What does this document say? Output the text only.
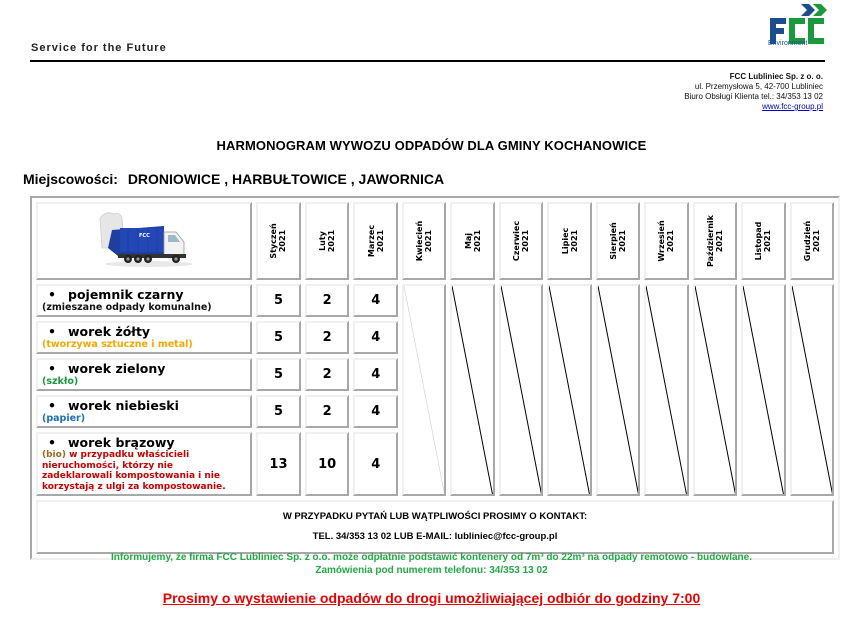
Service for the Future	Environment
FCC Lubliniec Sp. z o. o.
ul. Przemysłowa 5, 42-700 Lubliniec
Biuro Obsługi Klienta tel.: 34/353 13 02
www.fcc-group.pl
HARMONOGRAM WYWOZU ODPADÓW DLA GMINY KOCHANOWICE
Miejscowości: DRONIOWICE , HARBUŁTOWICE , JAWORNICA
FCC	Styczeń 2021	Luty 2021	Marzec 2021	Kwiecień 2021	Maj 2021	Czerwiec 2021	Lipiec 2021	Sierpień 2021	Wrzesień 2021	Październik 2021	Listopad 2021	Grudzień 2021

• pojemnik czarny
(zmieszane odpady komunalne)	5	2	4	

• worek żółty
(tworzywa sztuczne i metal)	5	2	4									

• worek zielony
(szkło)	5	2	4									

• worek niebieski
(papier)	5	2	4									

• worek brązowy
(bio) w przypadku właścicieli nieruchomości, którzy nie zadeklarowali kompostowania i nie korzystają z ulgi za kompostowanie.	13	10	4									

W PRZYPADKU PYTAŃ LUB WĄTPLIWOŚCI PROSIMY O KONTAKT:
TEL. 34/353 13 02 LUB E-MAIL: lubliniec@fcc-group.pl												
Informujemy, że firma FCC Lubliniec Sp. z o.o. może odpłatnie podstawić kontenery od 7m³ do 22m³ na odpady remotowo - budowlane.
Zamówienia pod numerem telefonu: 34/353 13 02
Prosimy o wystawienie odpadów do drogi umożliwiającej odbiór do godziny 7:00
